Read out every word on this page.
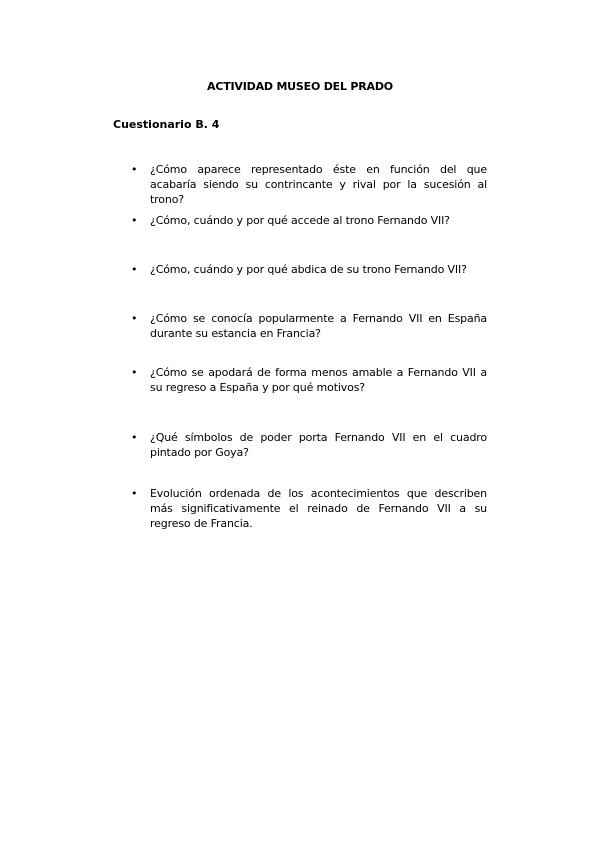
ACTIVIDAD MUSEO DEL PRADO
Cuestionario B. 4
• ¿Cómo aparece representado éste en función del que acabaría siendo su contrincante y rival por la sucesión al trono?
• ¿Cómo, cuándo y por qué accede al trono Fernando VII?
• ¿Cómo, cuándo y por qué abdica de su trono Fernando VII?
• ¿Cómo se conocía popularmente a Fernando VII en España durante su estancia en Francia?
• ¿Cómo se apodará de forma menos amable a Fernando VII a su regreso a España y por qué motivos?
• ¿Qué símbolos de poder porta Fernando VII en el cuadro pintado por Goya?
• Evolución ordenada de los acontecimientos que describen más significativamente el reinado de Fernando VII a su regreso de Francia.
